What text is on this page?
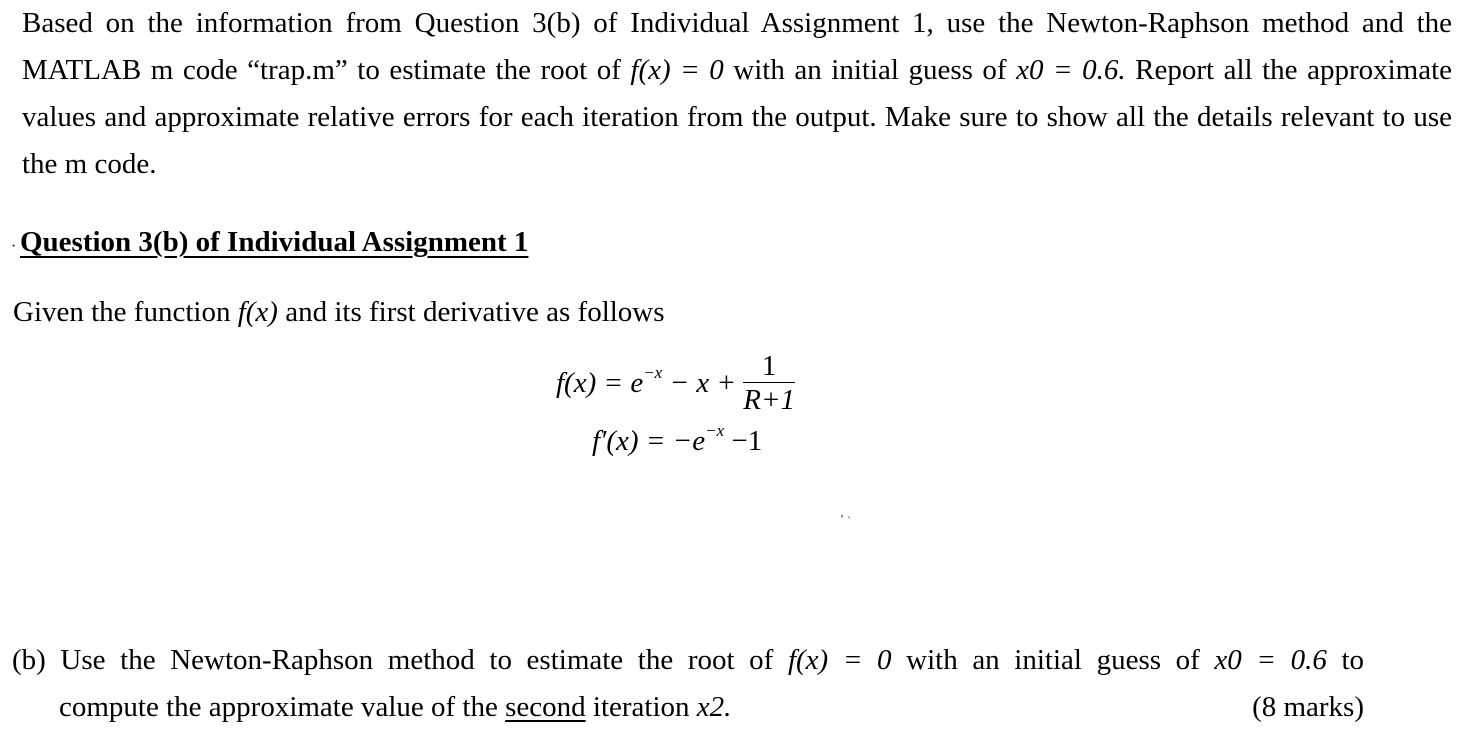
Based on the information from Question 3(b) of Individual Assignment 1, use the Newton-Raphson method and the MATLAB m code “trap.m” to estimate the root of f(x) = 0 with an initial guess of x0 = 0.6. Report all the approximate values and approximate relative errors for each iteration from the output. Make sure to show all the details relevant to use the m code.
· Question 3(b) of Individual Assignment 1
Given the function f(x) and its first derivative as follows
$f(x) = e^{-x} - x + \frac{1}{R+1}$
$f'(x) = -e^{-x} -1$
‚ ˎ
(b) Use the Newton-Raphson method to estimate the root of f(x) = 0 with an initial guess of x0 = 0.6 to
compute the approximate value of the second iteration x2.	(8 marks)
